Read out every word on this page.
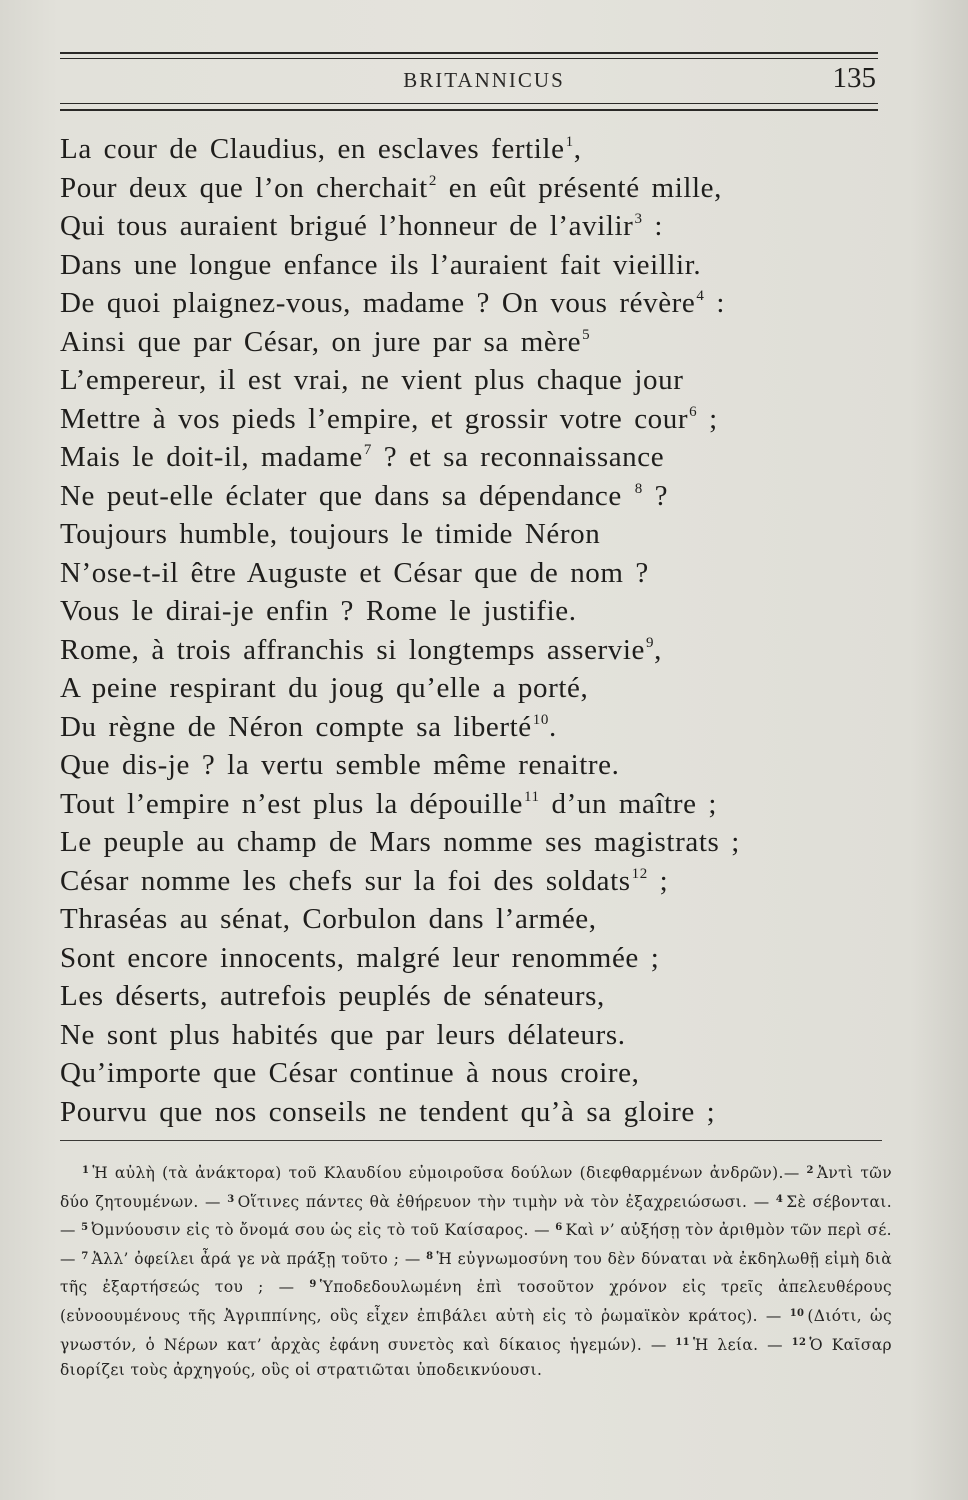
BRITANNICUS	135
La cour de Claudius, en esclaves fertile$^1$,
Pour deux que l’on cherchait$^2$ en eût présenté mille,
Qui tous auraient brigué l’honneur de l’avilir$^3$ :
Dans une longue enfance ils l’auraient fait vieillir.
De quoi plaignez-vous, madame ? On vous révère$^4$ :
Ainsi que par César, on jure par sa mère$^5$
L’empereur, il est vrai, ne vient plus chaque jour
Mettre à vos pieds l’empire, et grossir votre cour$^6$ ;
Mais le doit-il, madame$^7$ ? et sa reconnaissance
Ne peut-elle éclater que dans sa dépendance $^8$ ?
Toujours humble, toujours le timide Néron
N’ose-t-il être Auguste et César que de nom ?
Vous le dirai-je enfin ? Rome le justifie.
Rome, à trois affranchis si longtemps asservie$^9$,
A peine respirant du joug qu’elle a porté,
Du règne de Néron compte sa liberté$^{10}$.
Que dis-je ? la vertu semble même renaitre.
Tout l’empire n’est plus la dépouille$^{11}$ d’un maître ;
Le peuple au champ de Mars nomme ses magistrats ;
César nomme les chefs sur la foi des soldats$^{12}$ ;
Thraséas au sénat, Corbulon dans l’armée,
Sont encore innocents, malgré leur renommée ;
Les déserts, autrefois peuplés de sénateurs,
Ne sont plus habités que par leurs délateurs.
Qu’importe que César continue à nous croire,
Pourvu que nos conseils ne tendent qu’à sa gloire ;
$^1$ Ἡ αὐλὴ (τὰ ἀνάκτορα) τοῦ Κλαυδίου εὐμοιροῦσα δούλων (διεφθαρμένων ἀνδρῶν).— $^2$ Ἀντὶ τῶν δύο ζητουμένων. — $^3$ Οἵτινες πάντες θὰ ἐθήρευον τὴν τιμὴν νὰ τὸν ἐξαχρειώσωσι. — $^4$ Σὲ σέβονται. — $^5$ Ὀμνύουσιν εἰς τὸ ὄνομά σου ὡς εἰς τὸ τοῦ Καίσαρος. — $^6$ Καὶ ν’ αὐξήσῃ τὸν ἀριθμὸν τῶν περὶ σέ. — $^7$ Ἀλλ’ ὀφείλει ἆρά γε νὰ πράξῃ τοῦτο ; — $^8$ Ἡ εὐγνωμοσύνη του δὲν δύναται νὰ ἐκδηλωθῇ εἰμὴ διὰ τῆς ἐξαρτήσεώς του ; — $^9$ Ὑποδεδουλωμένη ἐπὶ τοσοῦτον χρόνον εἰς τρεῖς ἀπελευθέρους (εὐνοουμένους τῆς Ἀγριππίνης, οὓς εἶχεν ἐπιβάλει αὐτὴ εἰς τὸ ῥωμαϊκὸν κράτος). — $^{10}$ (Διότι, ὡς γνωστόν, ὁ Νέρων κατ’ ἀρχὰς ἐφάνη συνετὸς καὶ δίκαιος ἡγεμών). — $^{11}$ Ἡ λεία. — $^{12}$ Ὁ Καῖσαρ διορίζει τοὺς ἀρχηγούς, οὓς οἱ στρατιῶται ὑποδεικνύουσι.
